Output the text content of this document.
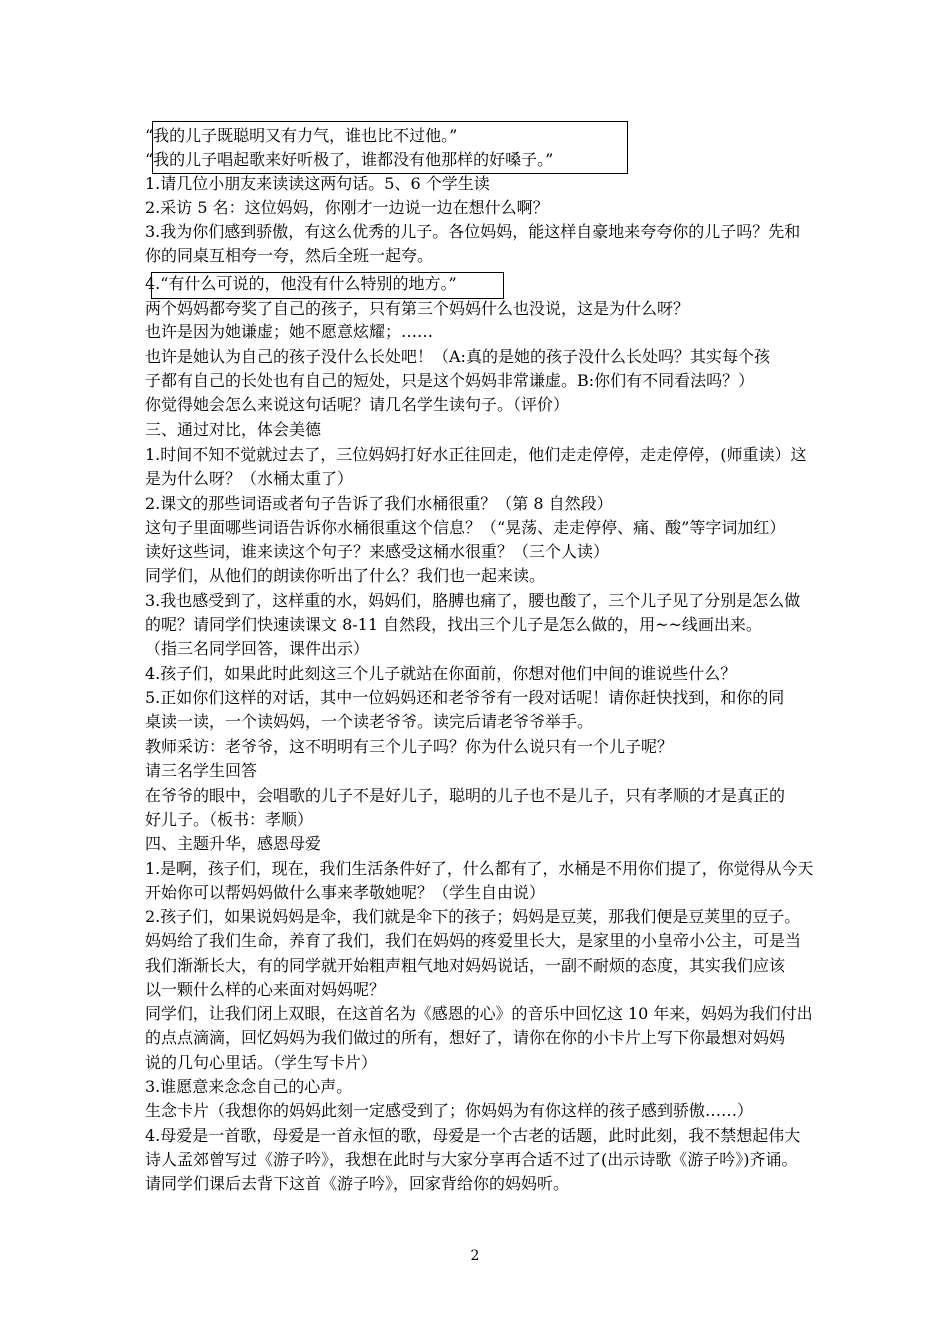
“我的儿子既聪明又有力气，谁也比不过他。”
“我的儿子唱起歌来好听极了，谁都没有他那样的好嗓子。”
1.请几位小朋友来读读这两句话。5、6 个学生读
2.采访 5 名：这位妈妈，你刚才一边说一边在想什么啊？
3.我为你们感到骄傲，有这么优秀的儿子。各位妈妈，能这样自豪地来夸夸你的儿子吗？先和
你的同桌互相夸一夸，然后全班一起夸。
4.“有什么可说的，他没有什么特别的地方。”
两个妈妈都夸奖了自己的孩子，只有第三个妈妈什么也没说，这是为什么呀？
也许是因为她谦虚；她不愿意炫耀；……
也许是她认为自己的孩子没什么长处吧！（A:真的是她的孩子没什么长处吗？其实每个孩
子都有自己的长处也有自己的短处，只是这个妈妈非常谦虚。B:你们有不同看法吗？）
你觉得她会怎么来说这句话呢？请几名学生读句子。（评价）
三、通过对比，体会美德
1.时间不知不觉就过去了，三位妈妈打好水正往回走，他们走走停停，走走停停，(师重读）这
是为什么呀？（水桶太重了）
2.课文的那些词语或者句子告诉了我们水桶很重？（第 8 自然段）
这句子里面哪些词语告诉你水桶很重这个信息？（“晃荡、走走停停、痛、酸”等字词加红）
读好这些词，谁来读这个句子？来感受这桶水很重？（三个人读）
同学们，从他们的朗读你听出了什么？我们也一起来读。
3.我也感受到了，这样重的水，妈妈们，胳膊也痛了，腰也酸了，三个儿子见了分别是怎么做
的呢？请同学们快速读课文 8-11 自然段，找出三个儿子是怎么做的，用~~线画出来。
（指三名同学回答，课件出示）
4.孩子们，如果此时此刻这三个儿子就站在你面前，你想对他们中间的谁说些什么？
5.正如你们这样的对话，其中一位妈妈还和老爷爷有一段对话呢！请你赶快找到，和你的同
桌读一读，一个读妈妈，一个读老爷爷。读完后请老爷爷举手。
教师采访：老爷爷，这不明明有三个儿子吗？你为什么说只有一个儿子呢？
请三名学生回答
在爷爷的眼中，会唱歌的儿子不是好儿子，聪明的儿子也不是儿子，只有孝顺的才是真正的
好儿子。（板书：孝顺）
四、主题升华，感恩母爱
1.是啊，孩子们，现在，我们生活条件好了，什么都有了，水桶是不用你们提了，你觉得从今天
开始你可以帮妈妈做什么事来孝敬她呢？（学生自由说）
2.孩子们，如果说妈妈是伞，我们就是伞下的孩子；妈妈是豆荚，那我们便是豆荚里的豆子。
妈妈给了我们生命，养育了我们，我们在妈妈的疼爱里长大，是家里的小皇帝小公主，可是当
我们渐渐长大，有的同学就开始粗声粗气地对妈妈说话，一副不耐烦的态度，其实我们应该
以一颗什么样的心来面对妈妈呢？
同学们，让我们闭上双眼，在这首名为《感恩的心》的音乐中回忆这 10 年来，妈妈为我们付出
的点点滴滴，回忆妈妈为我们做过的所有，想好了，请你在你的小卡片上写下你最想对妈妈
说的几句心里话。（学生写卡片）
3.谁愿意来念念自己的心声。
生念卡片（我想你的妈妈此刻一定感受到了；你妈妈为有你这样的孩子感到骄傲……）
4.母爱是一首歌，母爱是一首永恒的歌，母爱是一个古老的话题，此时此刻，我不禁想起伟大
诗人孟郊曾写过《游子吟》，我想在此时与大家分享再合适不过了(出示诗歌《游子吟》)齐诵。
请同学们课后去背下这首《游子吟》，回家背给你的妈妈听。
2
